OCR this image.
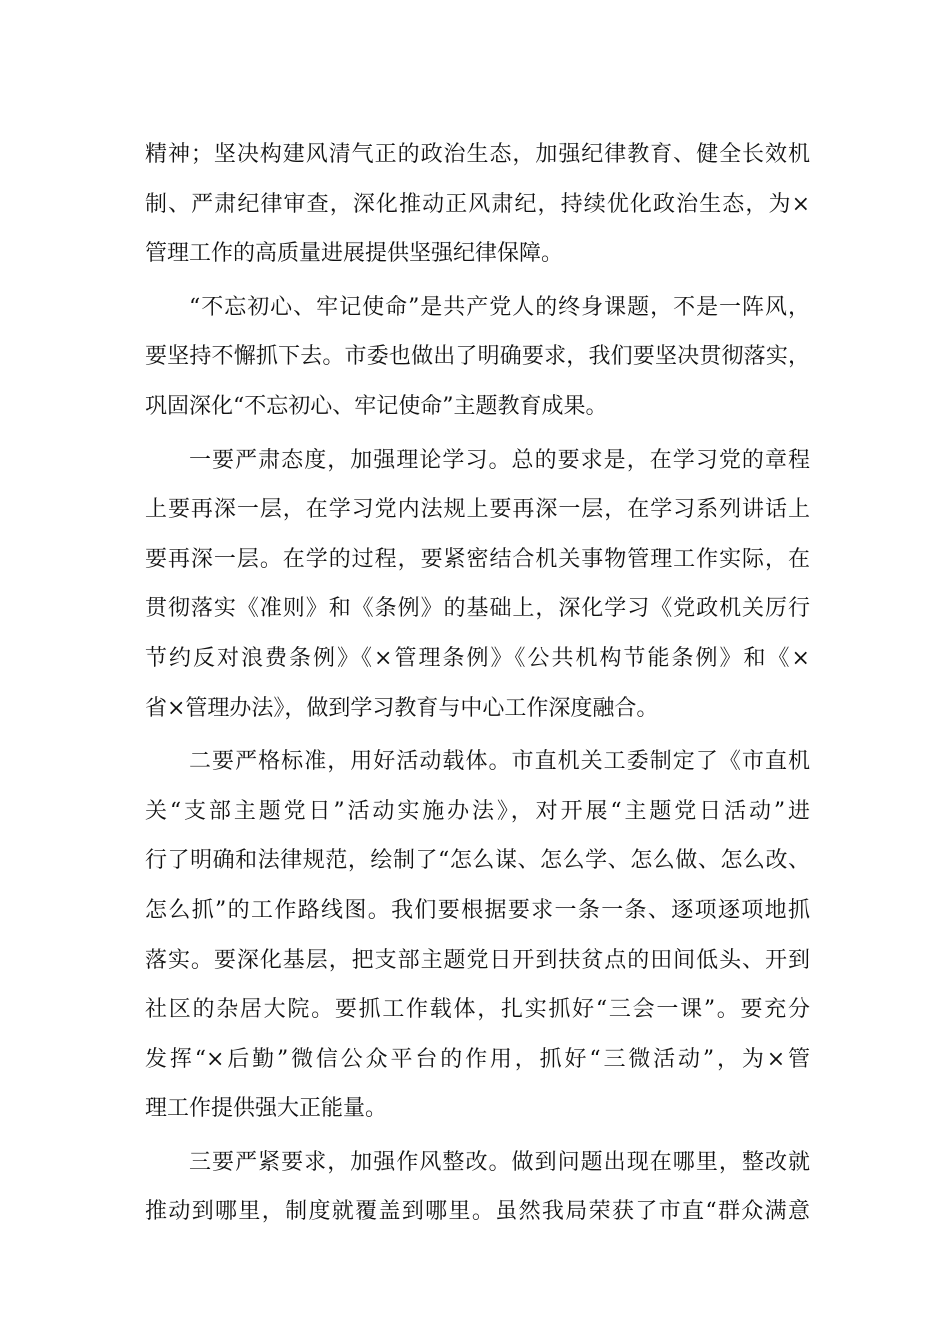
精神；坚决构建风清气正的政治生态，加强纪律教育、健全长效机
制、严肃纪律审查，深化推动正风肃纪，持续优化政治生态，为×
管理工作的高质量进展提供坚强纪律保障。

“不忘初心、牢记使命”是共产党人的终身课题，不是一阵风，
要坚持不懈抓下去。市委也做出了明确要求，我们要坚决贯彻落实，
巩固深化“不忘初心、牢记使命”主题教育成果。

一要严肃态度，加强理论学习。总的要求是，在学习党的章程
上要再深一层，在学习党内法规上要再深一层，在学习系列讲话上
要再深一层。在学的过程，要紧密结合机关事物管理工作实际，在
贯彻落实《准则》和《条例》的基础上，深化学习《党政机关厉行
节约反对浪费条例》《×管理条例》《公共机构节能条例》和《×
省×管理办法》，做到学习教育与中心工作深度融合。

二要严格标准，用好活动载体。市直机关工委制定了《市直机
关“支部主题党日”活动实施办法》，对开展“主题党日活动”进
行了明确和法律规范，绘制了“怎么谋、怎么学、怎么做、怎么改、
怎么抓”的工作路线图。我们要根据要求一条一条、逐项逐项地抓
落实。要深化基层，把支部主题党日开到扶贫点的田间低头、开到
社区的杂居大院。要抓工作载体，扎实抓好“三会一课”。要充分
发挥“×后勤”微信公众平台的作用，抓好“三微活动”，为×管
理工作提供强大正能量。

三要严紧要求，加强作风整改。做到问题出现在哪里，整改就
推动到哪里，制度就覆盖到哪里。虽然我局荣获了市直“群众满意
